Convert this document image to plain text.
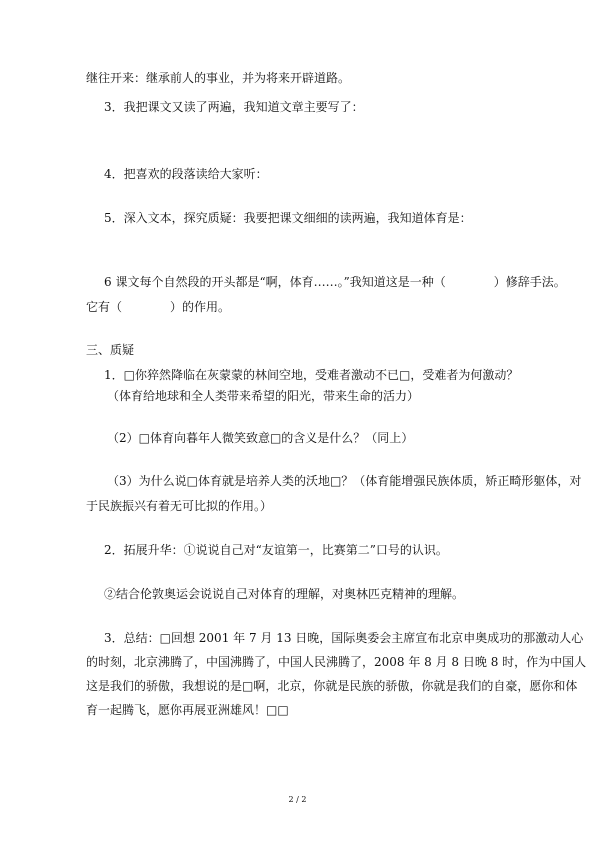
继往开来：继承前人的事业，并为将来开辟道路。
3．我把课文又读了两遍，我知道文章主要写了：
4．把喜欢的段落读给大家听：
5．深入文本，探究质疑：我要把课文细细的读两遍，我知道体育是：
6 课文每个自然段的开头都是“啊，体育……。”我知道这是一种（　　　　）修辞手法。
它有（　　　　）的作用。
三、质疑
1．□你猝然降临在灰蒙蒙的林间空地，受难者激动不已□，受难者为何激动？
（体育给地球和全人类带来希望的阳光，带来生命的活力）
（2）□体育向暮年人微笑致意□的含义是什么？（同上）
（3）为什么说□体育就是培养人类的沃地□？（体育能增强民族体质，矫正畸形躯体，对
于民族振兴有着无可比拟的作用。）
2．拓展升华：①说说自己对“友谊第一，比赛第二”口号的认识。
②结合伦敦奥运会说说自己对体育的理解，对奥林匹克精神的理解。
3．总结：□回想 2001 年 7 月 13 日晚，国际奥委会主席宣布北京申奥成功的那激动人心
的时刻，北京沸腾了，中国沸腾了，中国人民沸腾了，2008 年 8 月 8 日晚 8 时，作为中国人
这是我们的骄傲，我想说的是□啊，北京，你就是民族的骄傲，你就是我们的自豪，愿你和体
育一起腾飞，愿你再展亚洲雄风！□□
2 / 2
